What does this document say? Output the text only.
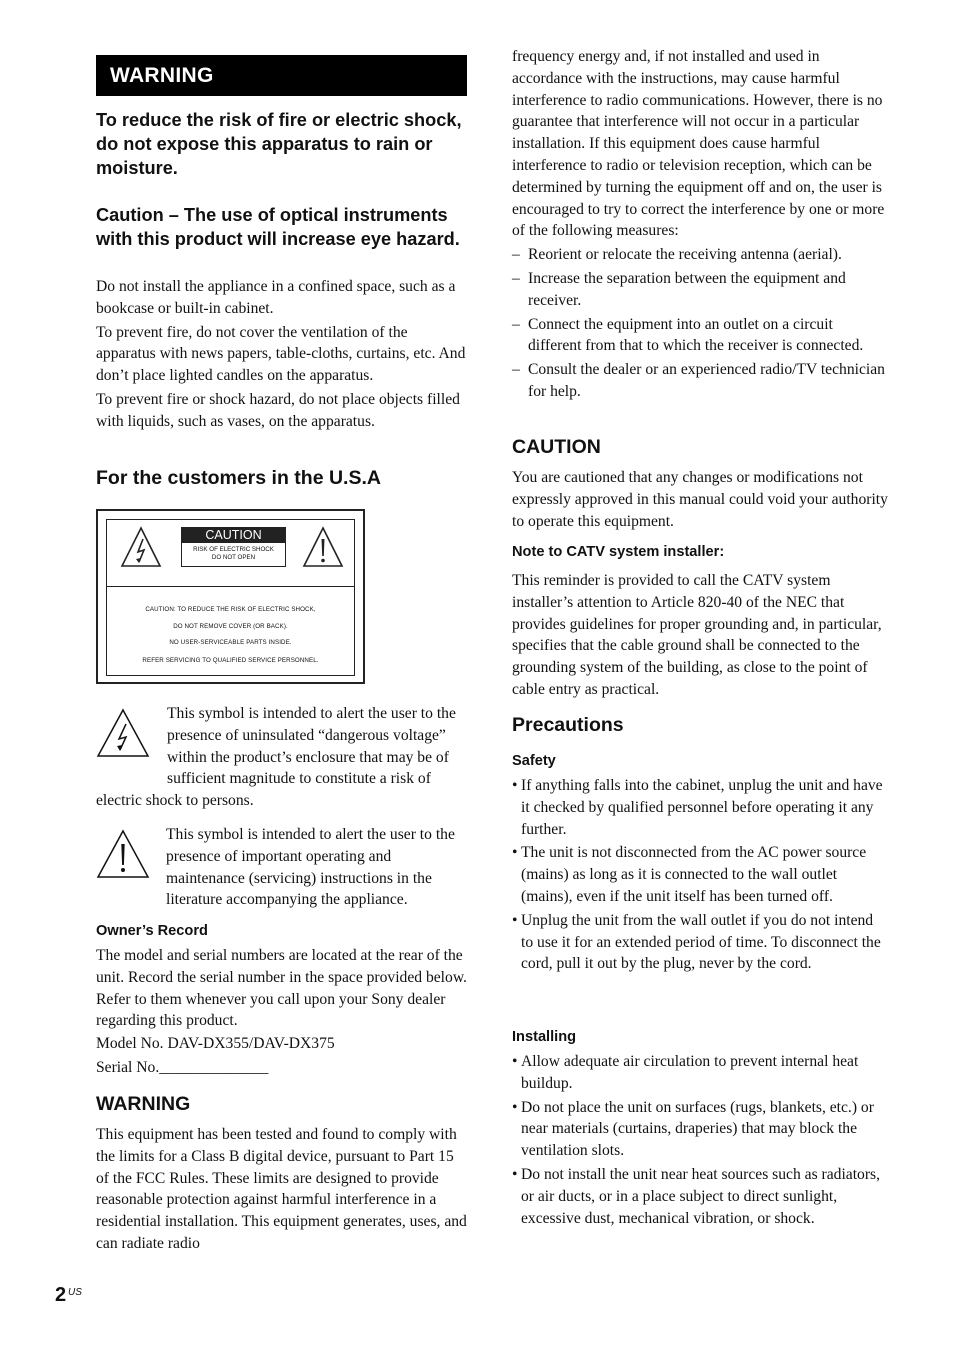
WARNING
To reduce the risk of fire or electric shock, do not expose this apparatus to rain or moisture.
Caution – The use of optical instruments with this product will increase eye hazard.

Do not install the appliance in a confined space, such as a bookcase or built-in cabinet.

To prevent fire, do not cover the ventilation of the apparatus with news papers, table-cloths, curtains, etc. And don’t place lighted candles on the apparatus.

To prevent fire or shock hazard, do not place objects filled with liquids, such as vases, on the apparatus.

For the customers in the U.S.A
CAUTION
RISK OF ELECTRIC SHOCK
DO NOT OPEN
CAUTION: TO REDUCE THE RISK OF ELECTRIC SHOCK,
DO NOT REMOVE COVER (OR BACK).
NO USER-SERVICEABLE PARTS INSIDE.
REFER SERVICING TO QUALIFIED SERVICE PERSONNEL.

This symbol is intended to alert the user to the presence of uninsulated “dangerous voltage” within the product’s enclosure that may be of sufficient magnitude to constitute a risk of electric shock to persons.

This symbol is intended to alert the user to the presence of important operating and maintenance (servicing) instructions in the literature accompanying the appliance.

Owner’s Record

The model and serial numbers are located at the rear of the unit. Record the serial number in the space provided below. Refer to them whenever you call upon your Sony dealer regarding this product.

Model No. DAV-DX355/DAV-DX375

Serial No.______________

WARNING
This equipment has been tested and found to comply with the limits for a Class B digital device, pursuant to Part 15 of the FCC Rules. These limits are designed to provide reasonable protection against harmful interference in a residential installation. This equipment generates, uses, and can radiate radio

frequency energy and, if not installed and used in accordance with the instructions, may cause harmful interference to radio communications. However, there is no guarantee that interference will not occur in a particular installation. If this equipment does cause harmful interference to radio or television reception, which can be determined by turning the equipment off and on, the user is encouraged to try to correct the interference by one or more of the following measures:

– Reorient or relocate the receiving antenna (aerial).
– Increase the separation between the equipment and receiver.
– Connect the equipment into an outlet on a circuit different from that to which the receiver is connected.
– Consult the dealer or an experienced radio/TV technician for help.
CAUTION
You are cautioned that any changes or modifications not expressly approved in this manual could void your authority to operate this equipment.
Note to CATV system installer:
This reminder is provided to call the CATV system installer’s attention to Article 820-40 of the NEC that provides guidelines for proper grounding and, in particular, specifies that the cable ground shall be connected to the grounding system of the building, as close to the point of cable entry as practical.
Precautions
Safety
• If anything falls into the cabinet, unplug the unit and have it checked by qualified personnel before operating it any further.
• The unit is not disconnected from the AC power source (mains) as long as it is connected to the wall outlet (mains), even if the unit itself has been turned off.
• Unplug the unit from the wall outlet if you do not intend to use it for an extended period of time. To disconnect the cord, pull it out by the plug, never by the cord.
Installing
• Allow adequate air circulation to prevent internal heat buildup.
• Do not place the unit on surfaces (rugs, blankets, etc.) or near materials (curtains, draperies) that may block the ventilation slots.
• Do not install the unit near heat sources such as radiators, or air ducts, or in a place subject to direct sunlight, excessive dust, mechanical vibration, or shock.
2 US
